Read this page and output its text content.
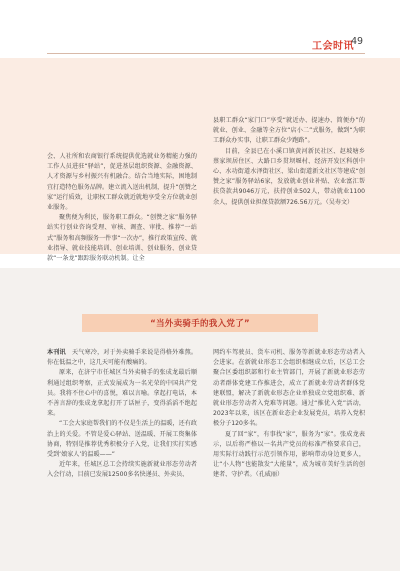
工会时讯
49

会、人社所和农商银行系统提供优选就业务精能力强的工作人员进驻“驿站”，促进基层组织资源、金融资源、人才资源与乡村振兴有机融合。结合当地实际，困地制宜打造特色服务品牌。建立流入送出机制，提升“创赞之家”运行质效，让职权工群众就近就地享受全方位就业创业服务。

聚焦便为利民，服务职工群众。“创赞之家”服务驿站实行创业咨询受理、审核、调查、审批、推荐“一站式”服务和高频服务一件事“一次办”，推行政策宣传、就业指导、就业技能培训、创业培训、创业服务、创业贷款“一条龙”跟踪服务联动机制。让全

县职工群众“家门口”享受“就近办、提速办、简便办”的就业、创业、金融等全方位“店小二”式服务，做到“为职工群众办实事，让职工群众少跑路”。

目前，全县已在小溪口镇黄河新民社区、赵坡塘乡蔡家坝居住区、大路口乡贯坝堰村、经济开发区科创中心、水功街道水泽街社区、梁山街道新文社区等建成“创赞之家”服务驿站6家，发放就业创业补贴、农业富汇帮扶贷款共9046万元，扶持创业502人，带动就业1100余人，提供创业担保贷款额726.56万元。（吴寿文）

“当外卖骑手的我入党了”

本刊讯　 天气寒冷，对于外卖骑手来说是得格外难熬。你在低温之中，这几天可能有酸痛的。

原来，在济宁市任城区当外卖骑手的张成龙最后顺利通过组织考察，正式发展成为一名光荣的中国共产党员。我将不住心中的喜悦，难以言喻。拿起打电话，本不善言辞的张成龙拿起打开了话匣子，变得滔滔不绝起来。

“工会大家庭帮我们的不仅是生活上的温暖，还有政治上的关爱。不管是爱心驿站、送温暖、开展工资集体协商，特别是推荐优秀积极分子入党，让我们实打实感受到‘娘家人’的温暖——”

近年来，任城区总工会持续实施新就业形态劳动者入会行动，目前已发展12500多名快递员、外卖员、

网约车驾驶员、货车司机、服务等新就业形态劳动者入会进家。在新就业形态工会组织相继成立后，区总工会聚合区委组织部和行业主管部门，开展了新就业形态劳动者群体党建工作推进会，成立了新就业劳动者群体党建联盟，解决了新就业形态企业单独成立党组织难、新就业形态劳动者入党难等问题。通过“推优入党”活动，2023年以来，该区在新业态企业发展党员，培养入党积极分子120多名。

夏了回“家”，有事找“家”，服务为“家”。张成龙表示，以后将严格以一名共产党员的标准严格要求自己，用实际行动践行示范引领作用，影响带动身边更多人，让“小人物”也能散发“大能量”，成为城市美好生活的创建者、守护者。（孔威丽）
